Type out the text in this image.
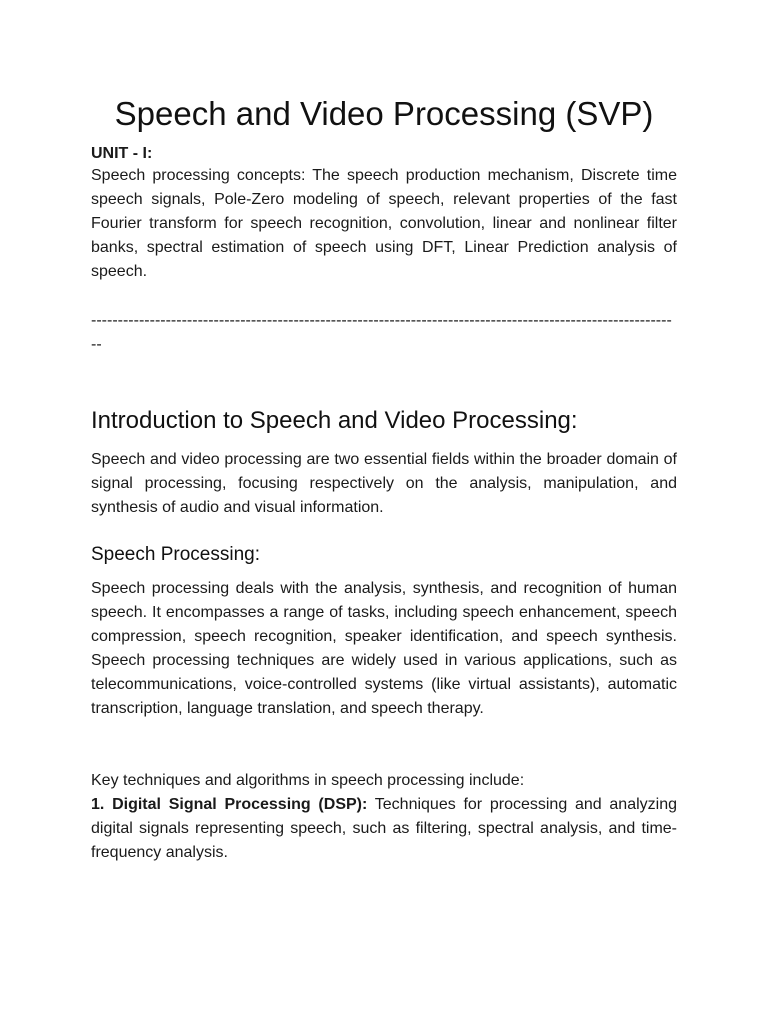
Speech and Video Processing (SVP)
UNIT - I:

Speech processing concepts: The speech production mechanism, Discrete time speech signals, Pole-Zero modeling of speech, relevant properties of the fast Fourier transform for speech recognition, convolution, linear and nonlinear filter banks, spectral estimation of speech using DFT, Linear Prediction analysis of speech.

---------------------------------------------------------------------------------------------------------------

Introduction to Speech and Video Processing:

Speech and video processing are two essential fields within the broader domain of signal processing, focusing respectively on the analysis, manipulation, and synthesis of audio and visual information.

Speech Processing:

Speech processing deals with the analysis, synthesis, and recognition of human speech. It encompasses a range of tasks, including speech enhancement, speech compression, speech recognition, speaker identification, and speech synthesis. Speech processing techniques are widely used in various applications, such as telecommunications, voice-controlled systems (like virtual assistants), automatic transcription, language translation, and speech therapy.

Key techniques and algorithms in speech processing include:
1. Digital Signal Processing (DSP): Techniques for processing and analyzing digital signals representing speech, such as filtering, spectral analysis, and time-frequency analysis.
